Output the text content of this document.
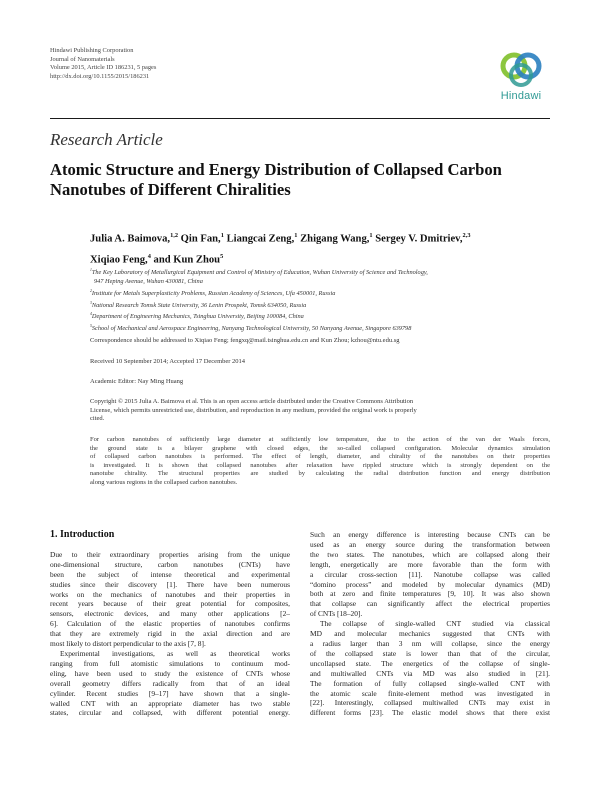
Hindawi Publishing Corporation
Journal of Nanomaterials
Volume 2015, Article ID 186231, 5 pages
http://dx.doi.org/10.1155/2015/186231
Hindawi
Research Article
Atomic Structure and Energy Distribution of Collapsed Carbon
Nanotubes of Different Chiralities
Julia A. Baimova,$^{1,2}$ Qin Fan,$^1$ Liangcai Zeng,$^1$ Zhigang Wang,$^1$ Sergey V. Dmitriev,$^{2,3}$
Xiqiao Feng,$^4$ and Kun Zhou$^5$
$^1$The Key Laboratory of Metallurgical Equipment and Control of Ministry of Education, Wuhan University of Science and Technology,
947 Heping Avenue, Wuhan 430081, China
$^2$Institute for Metals Superplasticity Problems, Russian Academy of Sciences, Ufa 450001, Russia
$^3$National Research Tomsk State University, 36 Lenin Prospekt, Tomsk 634050, Russia
$^4$Department of Engineering Mechanics, Tsinghua University, Beijing 100084, China
$^5$School of Mechanical and Aerospace Engineering, Nanyang Technological University, 50 Nanyang Avenue, Singapore 639798
Correspondence should be addressed to Xiqiao Feng; fengxq@mail.tsinghua.edu.cn and Kun Zhou; kzhou@ntu.edu.sg
Received 10 September 2014; Accepted 17 December 2014
Academic Editor: Nay Ming Huang
Copyright © 2015 Julia A. Baimova et al. This is an open access article distributed under the Creative Commons Attribution
License, which permits unrestricted use, distribution, and reproduction in any medium, provided the original work is properly
cited.
For carbon nanotubes of sufficiently large diameter at sufficiently low temperature, due to the action of the van der Waals forces,
the ground state is a bilayer graphene with closed edges, the so-called collapsed configuration. Molecular dynamics simulation
of collapsed carbon nanotubes is performed. The effect of length, diameter, and chirality of the nanotubes on their properties
is investigated. It is shown that collapsed nanotubes after relaxation have rippled structure which is strongly dependent on the
nanotube chirality. The structural properties are studied by calculating the radial distribution function and energy distribution
along various regions in the collapsed carbon nanotubes.
1. Introduction
Due to their extraordinary properties arising from the unique
one-dimensional structure, carbon nanotubes (CNTs) have
been the subject of intense theoretical and experimental
studies since their discovery [1]. There have been numerous
works on the mechanics of nanotubes and their properties in
recent years because of their great potential for composites,
sensors, electronic devices, and many other applications [2–
6]. Calculation of the elastic properties of nanotubes confirms
that they are extremely rigid in the axial direction and are
most likely to distort perpendicular to the axis [7, 8].
Experimental investigations, as well as theoretical works
ranging from full atomistic simulations to continuum mod-
eling, have been used to study the existence of CNTs whose
overall geometry differs radically from that of an ideal
cylinder. Recent studies [9–17] have shown that a single-
walled CNT with an appropriate diameter has two stable
states, circular and collapsed, with different potential energy.
Such an energy difference is interesting because CNTs can be
used as an energy source during the transformation between
the two states. The nanotubes, which are collapsed along their
length, energetically are more favorable than the form with
a circular cross-section [11]. Nanotube collapse was called
“domino process” and modeled by molecular dynamics (MD)
both at zero and finite temperatures [9, 10]. It was also shown
that collapse can significantly affect the electrical properties
of CNTs [18–20].
The collapse of single-walled CNT studied via classical
MD and molecular mechanics suggested that CNTs with
a radius larger than 3 nm will collapse, since the energy
of the collapsed state is lower than that of the circular,
uncollapsed state. The energetics of the collapse of single-
and multiwalled CNTs via MD was also studied in [21].
The formation of fully collapsed single-walled CNT with
the atomic scale finite-element method was investigated in
[22]. Interestingly, collapsed multiwalled CNTs may exist in
different forms [23]. The elastic model shows that there exist
